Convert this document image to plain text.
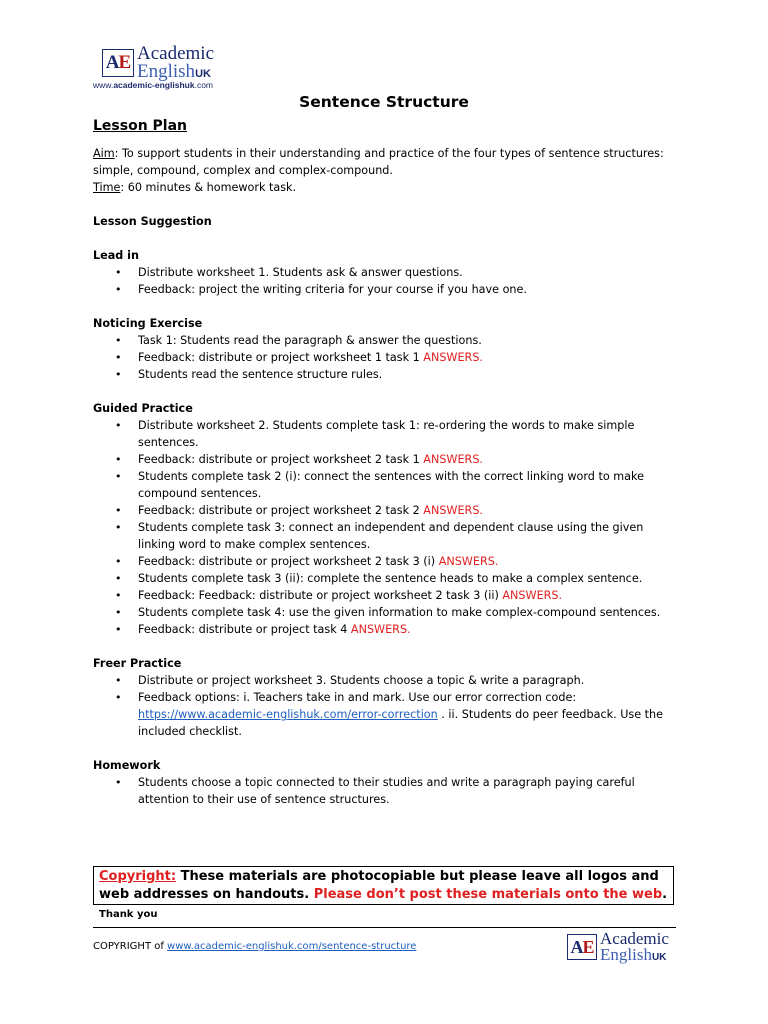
A E Academic
EnglishUK
www.academic-englishuk.com
Sentence Structure
Lesson Plan

Aim: To support students in their understanding and practice of the four types of sentence structures: simple, compound, complex and complex-compound.

Time: 60 minutes & homework task.

Lesson Suggestion

Lead in

• Distribute worksheet 1. Students ask & answer questions.
• Feedback: project the writing criteria for your course if you have one.

Noticing Exercise

• Task 1: Students read the paragraph & answer the questions.
• Feedback: distribute or project worksheet 1 task 1 ANSWERS.
• Students read the sentence structure rules.

Guided Practice

• Distribute worksheet 2. Students complete task 1: re-ordering the words to make simple sentences.
• Feedback: distribute or project worksheet 2 task 1 ANSWERS.
• Students complete task 2 (i): connect the sentences with the correct linking word to make compound sentences.
• Feedback: distribute or project worksheet 2 task 2 ANSWERS.
• Students complete task 3: connect an independent and dependent clause using the given linking word to make complex sentences.
• Feedback: distribute or project worksheet 2 task 3 (i) ANSWERS.
• Students complete task 3 (ii): complete the sentence heads to make a complex sentence.
• Feedback: Feedback: distribute or project worksheet 2 task 3 (ii) ANSWERS.
• Students complete task 4: use the given information to make complex-compound sentences.
• Feedback: distribute or project task 4 ANSWERS.

Freer Practice

• Distribute or project worksheet 3. Students choose a topic & write a paragraph.
• Feedback options: i. Teachers take in and mark. Use our error correction code: https://www.academic-englishuk.com/error-correction . ii. Students do peer feedback. Use the included checklist.

Homework

• Students choose a topic connected to their studies and write a paragraph paying careful attention to their use of sentence structures.
Copyright: These materials are photocopiable but please leave all logos and web addresses on handouts. Please don’t post these materials onto the web. Thank you
COPYRIGHT of www.academic-englishuk.com/sentence-structure	A E Academic
EnglishUK
